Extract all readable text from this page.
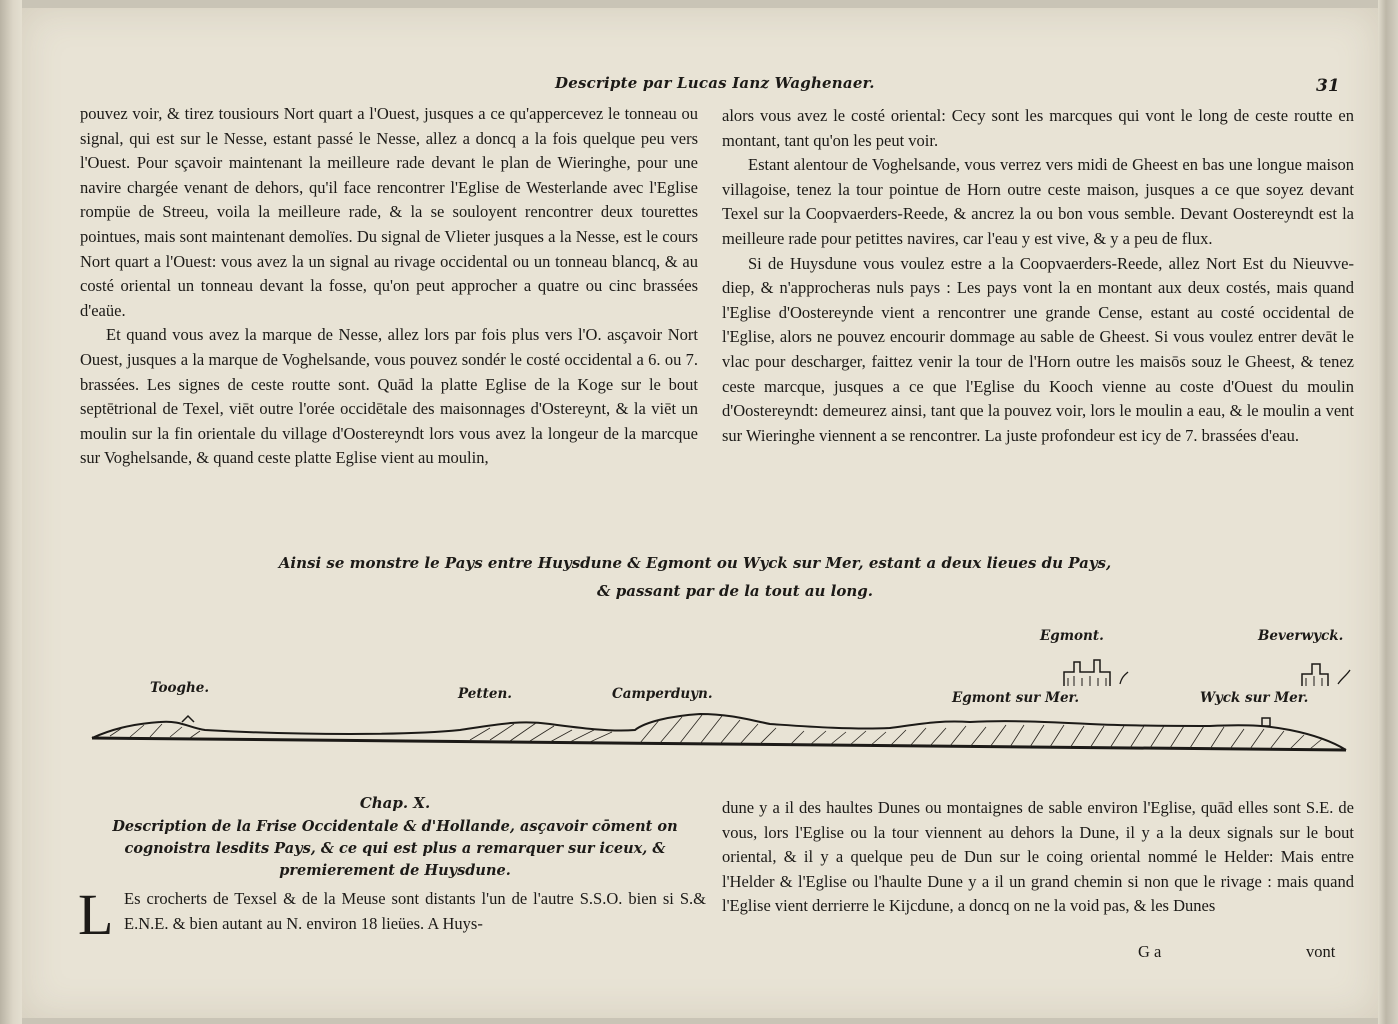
Descripte par Lucas Ianz Waghenaer.	31

pouvez voir, & tirez tousiours Nort quart a l'Ouest, jusques a ce qu'appercevez le tonneau ou signal, qui est sur le Nesse, estant passé le Nesse, allez a doncq a la fois quelque peu vers l'Ouest. Pour sçavoir maintenant la meilleure rade devant le plan de Wieringhe, pour une navire chargée venant de dehors, qu'il face rencontrer l'Eglise de Westerlande avec l'Eglise rompüe de Streeu, voila la meilleure rade, & la se souloyent rencontrer deux tourettes pointues, mais sont maintenant demolïes. Du signal de Vlieter jusques a la Nesse, est le cours Nort quart a l'Ouest: vous avez la un signal au rivage occidental ou un tonneau blancq, & au costé oriental un tonneau devant la fosse, qu'on peut approcher a quatre ou cinc brassées d'eaüe.

Et quand vous avez la marque de Nesse, allez lors par fois plus vers l'O. asçavoir Nort Ouest, jusques a la marque de Voghelsande, vous pouvez sondér le costé occidental a 6. ou 7. brassées. Les signes de ceste routte sont. Quād la platte Eglise de la Koge sur le bout septētrional de Texel, viēt outre l'orée occidētale des maisonnages d'Ostereynt, & la viēt un moulin sur la fin orientale du village d'Oostereyndt lors vous avez la longeur de la marcque sur Voghelsande, & quand ceste platte Eglise vient au moulin,

alors vous avez le costé oriental: Cecy sont les marcques qui vont le long de ceste routte en montant, tant qu'on les peut voir.

Estant alentour de Voghelsande, vous verrez vers midi de Gheest en bas une longue maison villagoise, tenez la tour pointue de Horn outre ceste maison, jusques a ce que soyez devant Texel sur la Coopvaerders-Reede, & ancrez la ou bon vous semble. Devant Oostereyndt est la meilleure rade pour petittes navires, car l'eau y est vive, & y a peu de flux.

Si de Huysdune vous voulez estre a la Coopvaerders-Reede, allez Nort Est du Nieuvve-diep, & n'approcheras nuls pays : Les pays vont la en montant aux deux costés, mais quand l'Eglise d'Oostereynde vient a rencontrer une grande Cense, estant au costé occidental de l'Eglise, alors ne pouvez encourir dommage au sable de Gheest. Si vous voulez entrer devāt le vlac pour descharger, faittez venir la tour de l'Horn outre les maisōs souz le Gheest, & tenez ceste marcque, jusques a ce que l'Eglise du Kooch vienne au coste d'Ouest du moulin d'Oostereyndt: demeurez ainsi, tant que la pouvez voir, lors le moulin a eau, & le moulin a vent sur Wieringhe viennent a se rencontrer. La juste profondeur est icy de 7. brassées d'eau.

Ainsi se monstre le Pays entre Huysdune & Egmont ou Wyck sur Mer, estant a deux lieues du Pays,
& passant par de la tout au long.
Tooghe.	Petten.	Camperduyn.
Egmont.
Egmont sur Mer.
Beverwyck.
Wyck sur Mer.
Chap. X.
Description de la Frise Occidentale & d'Hollande, asçavoir cōment on cognoistra lesdits Pays, & ce qui est plus a remarquer sur iceux, & premierement de Huysdune.
L Es crocherts de Texsel & de la Meuse sont distants l'un de l'autre S.S.O. bien si S.& E.N.E. & bien autant au N. environ 18 lieües. A Huys-
dune y a il des haultes Dunes ou montaignes de sable environ l'Eglise, quād elles sont S.E. de vous, lors l'Eglise ou la tour viennent au dehors la Dune, il y a la deux signals sur le bout oriental, & il y a quelque peu de Dun sur le coing oriental nommé le Helder: Mais entre l'Helder & l'Eglise ou l'haulte Dune y a il un grand chemin si non que le rivage : mais quand l'Eglise vient derrierre le Kijcdune, a doncq on ne la void pas, & les Dunes
G a	vont
